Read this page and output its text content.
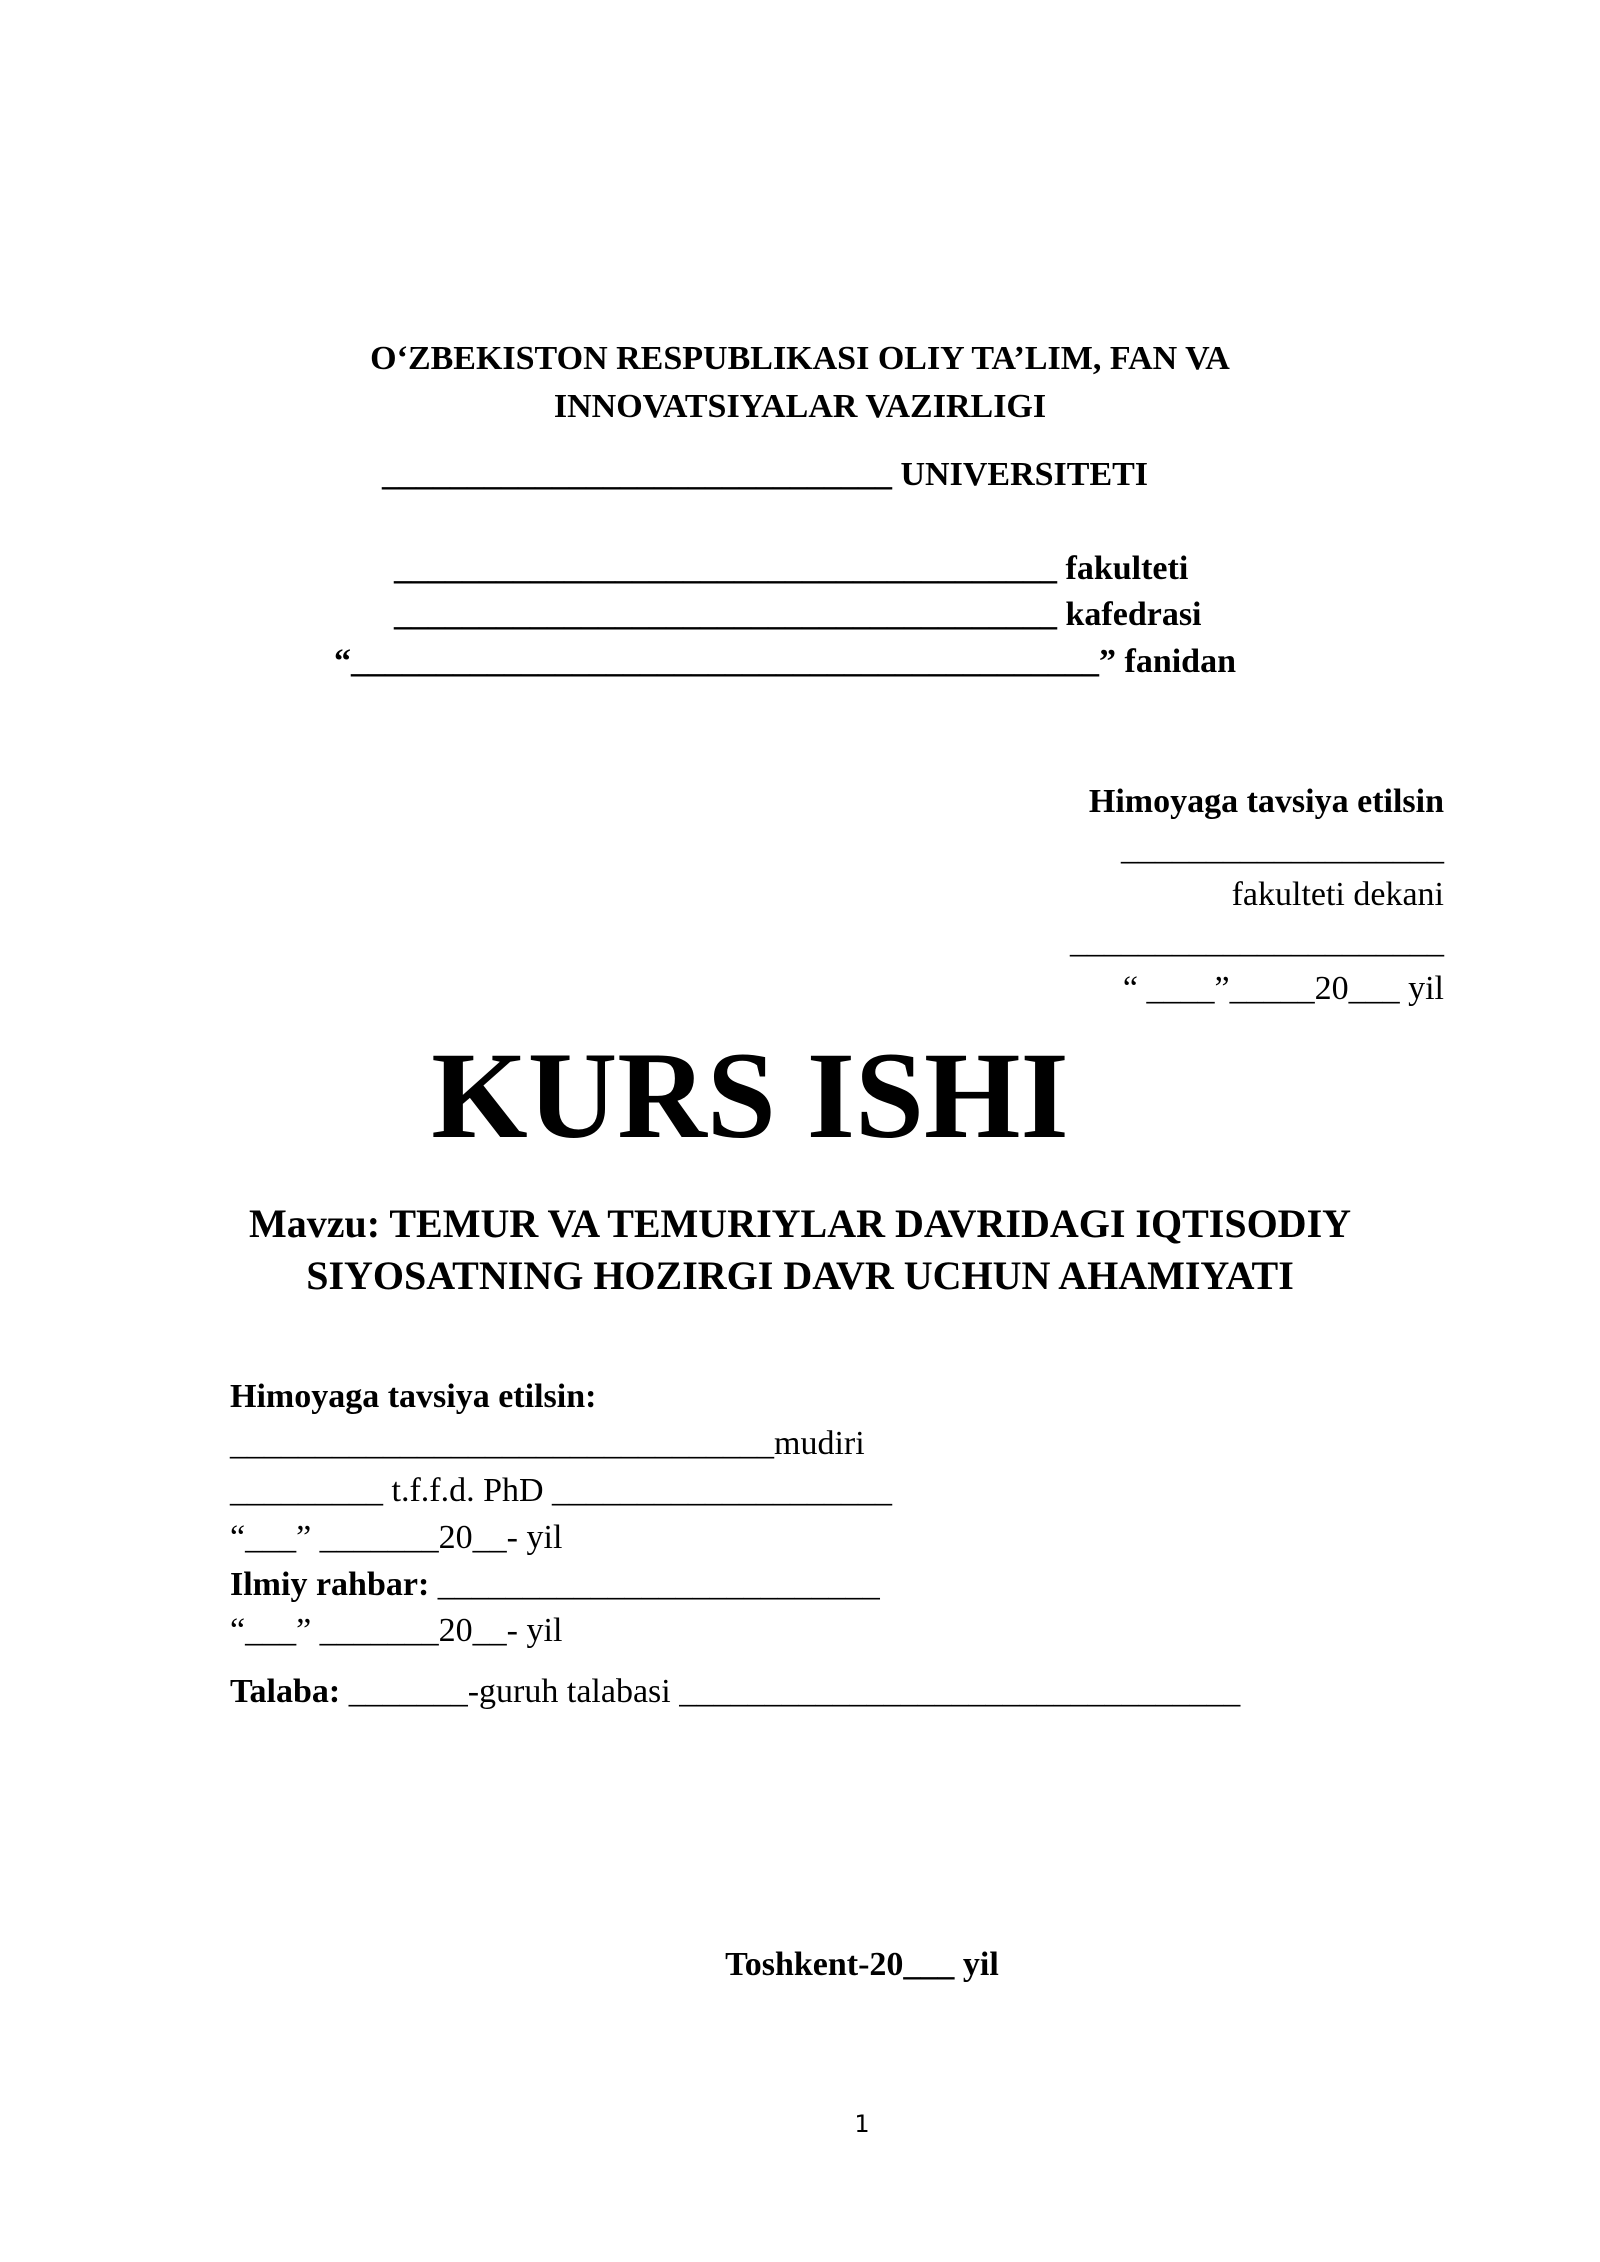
O‘ZBEKISTON RESPUBLIKASI OLIY TA’LIM, FAN VA
INNOVATSIYALAR VAZIRLIGI
______________________________ UNIVERSITETI
_______________________________________ fakulteti
_______________________________________ kafedrasi
“____________________________________________” fanidan
Himoyaga tavsiya etilsin
___________________
fakulteti dekani
______________________
“ ____”_____20___ yil
KURS ISHI
Mavzu: TEMUR VA TEMURIYLAR DAVRIDAGI IQTISODIY
SIYOSATNING HOZIRGI DAVR UCHUN AHAMIYATI
Himoyaga tavsiya etilsin:
________________________________mudiri
_________ t.f.f.d. PhD ____________________
“___” _______20__- yil
Ilmiy rahbar: __________________________
“___” _______20__- yil
Talaba: _______-guruh talabasi _________________________________
Toshkent-20___ yil
1
